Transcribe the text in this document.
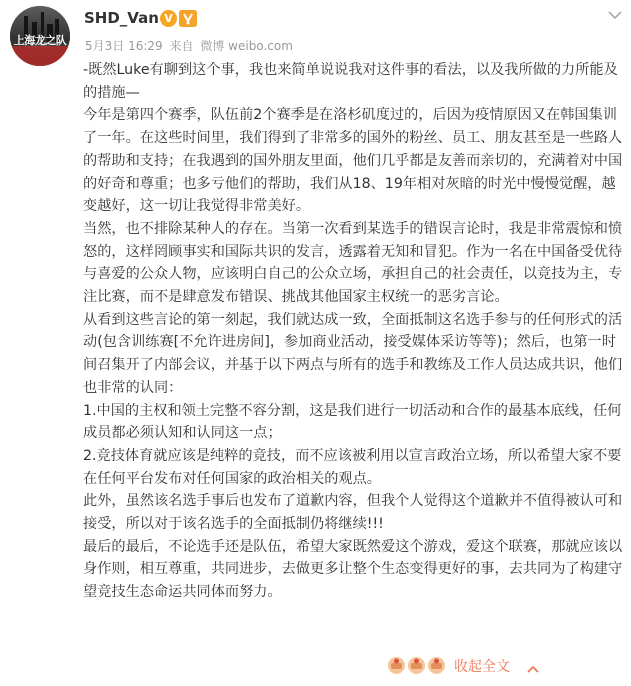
上海龙之队
SHD_Van V
5月3日 16:29 来自 微博 weibo.com

-既然Luke有聊到这个事，我也来简单说说我对这件事的看法，以及我所做的力所能及的措施—

今年是第四个赛季，队伍前2个赛季是在洛杉矶度过的，后因为疫情原因又在韩国集训了一年。在这些时间里，我们得到了非常多的国外的粉丝、员工、朋友甚至是一些路人的帮助和支持；在我遇到的国外朋友里面，他们几乎都是友善而亲切的，充满着对中国的好奇和尊重；也多亏他们的帮助，我们从18、19年相对灰暗的时光中慢慢觉醒，越变越好，这一切让我觉得非常美好。

当然，也不排除某种人的存在。当第一次看到某选手的错误言论时，我是非常震惊和愤怒的，这样罔顾事实和国际共识的发言，透露着无知和冒犯。作为一名在中国备受优待与喜爱的公众人物，应该明白自己的公众立场，承担自己的社会责任，以竞技为主，专注比赛，而不是肆意发布错误、挑战其他国家主权统一的恶劣言论。

从看到这些言论的第一刻起，我们就达成一致，全面抵制这名选手参与的任何形式的活动(包含训练赛[不允许进房间]，参加商业活动，接受媒体采访等等)；然后，也第一时间召集开了内部会议，并基于以下两点与所有的选手和教练及工作人员达成共识，他们也非常的认同：

1.中国的主权和领土完整不容分割，这是我们进行一切活动和合作的最基本底线，任何成员都必须认知和认同这一点；

2.竞技体育就应该是纯粹的竞技，而不应该被利用以宣言政治立场，所以希望大家不要在任何平台发布对任何国家的政治相关的观点。

此外，虽然该名选手事后也发布了道歉内容，但我个人觉得这个道歉并不值得被认可和接受，所以对于该名选手的全面抵制仍将继续!!!

最后的最后，不论选手还是队伍，希望大家既然爱这个游戏，爱这个联赛，那就应该以身作则，相互尊重，共同进步，去做更多让整个生态变得更好的事，去共同为了构建守望竞技生态命运共同体而努力。

收起全文
